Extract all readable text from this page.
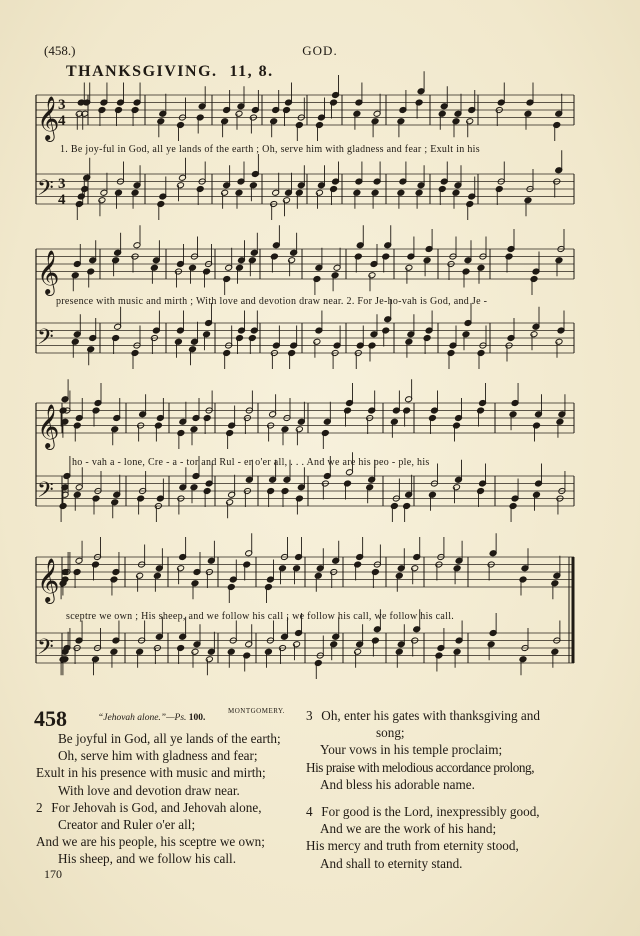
(458.)	GOD.
THANKSGIVING. 11, 8.
𝄞
3
4
𝄢 3
4
𝄞
𝄢
𝄞
𝄢
𝄞
𝄢
1. Be joy-ful in God, all ye lands of the earth ; Oh, serve him with gladness and fear ; Exult in his
presence with music and mirth ; With love and devotion draw near. 2. For Je-ho-vah is God, and Je -
ho - vah a - lone, Cre - a - tor and Rul - er o'er all, . . . And we are his peo - ple, his
sceptre we own ; His sheep, and we follow his call ; we follow his call, we follow his call.
458	“Jehovah alone.”—Ps. 100.
MONTGOMERY.
Be joyful in God, all ye lands of the earth;
Oh, serve him with gladness and fear;
Exult in his presence with music and mirth;
With love and devotion draw near.
2 For Jehovah is God, and Jehovah alone,
Creator and Ruler o'er all;
And we are his people, his sceptre we own;
His sheep, and we follow his call.
3 Oh, enter his gates with thanksgiving and
song;
Your vows in his temple proclaim;
His praise with melodious accordance prolong,
And bless his adorable name.
4 For good is the Lord, inexpressibly good,
And we are the work of his hand;
His mercy and truth from eternity stood,
And shall to eternity stand.
170
